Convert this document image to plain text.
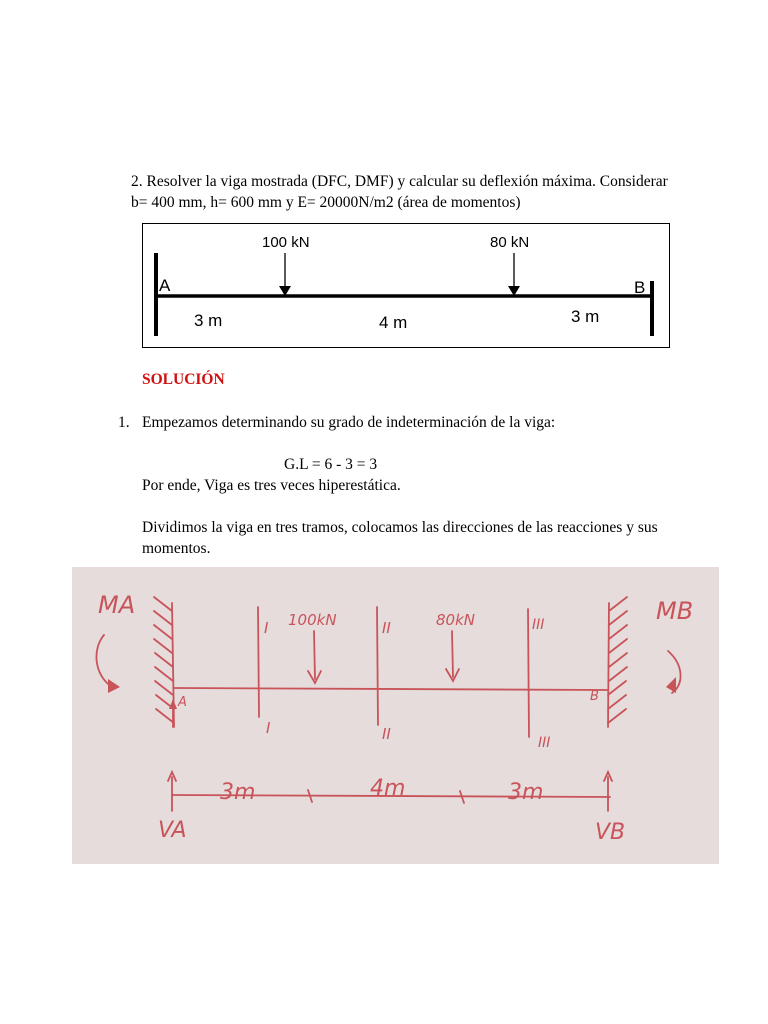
2. Resolver la viga mostrada (DFC, DMF) y calcular su deflexión máxima. Considerar
b= 400 mm, h= 600 mm y E= 20000N/m2 (área de momentos)
A	B
100 kN	80 kN
3 m	4 m	3 m
SOLUCIÓN
1. Empezamos determinando su grado de indeterminación de la viga:
G.L = 6 - 3 = 3
Por ende, Viga es tres veces hiperestática.
Dividimos la viga en tres tramos, colocamos las direcciones de las reacciones y sus
momentos.
MA	MB
A	B
100kN	80kN
I
I
II
II
III
III
3m	4m	3m
VA	VB
